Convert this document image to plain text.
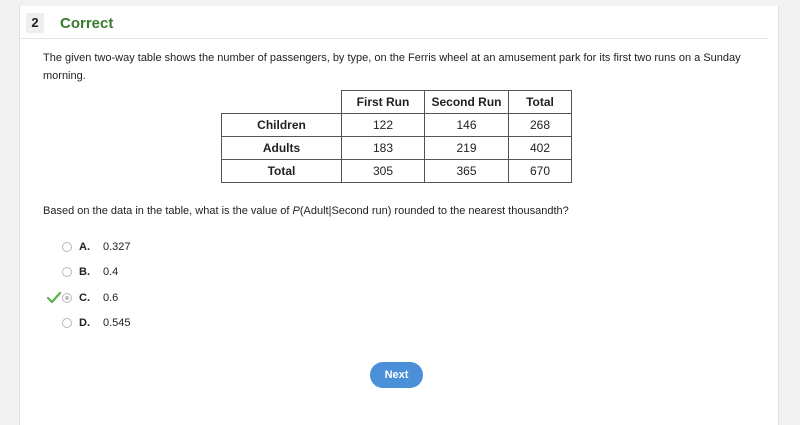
2	Correct
The given two-way table shows the number of passengers, by type, on the Ferris wheel at an amusement park for its first two runs on a Sunday morning.
	First Run	Second Run	Total
Children	122	146	268
Adults	183	219	402
Total	305	365	670
Based on the data in the table, what is the value of P(Adult|Second run) rounded to the nearest thousandth?
A. 0.327
B. 0.4
C. 0.6
D. 0.545
Next
